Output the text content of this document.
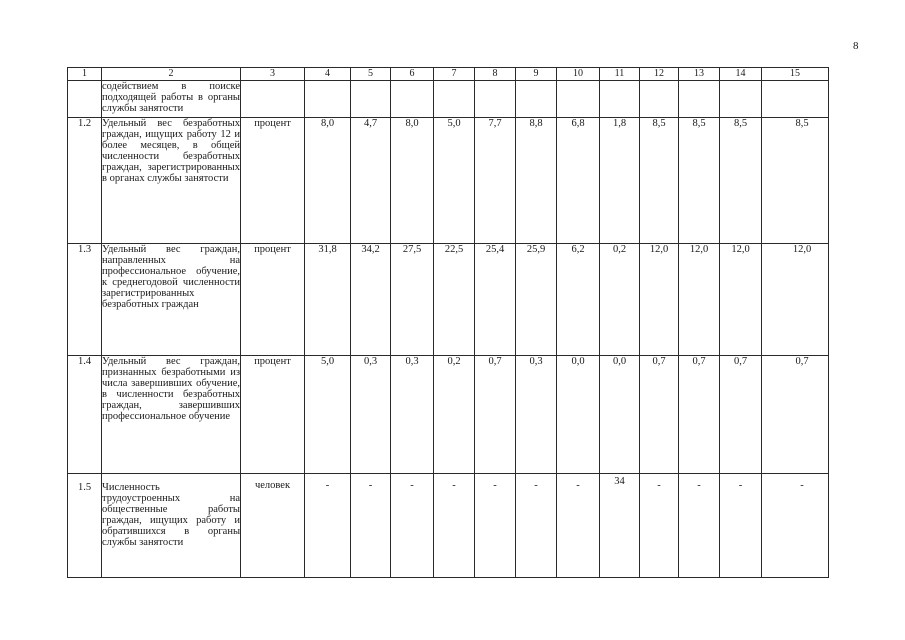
8
1	2	3	4	5	6	7	8	9	10	11	12	13	14	15
	содействием в поиске подходящей работы в органы службы занятости													
1.2	Удельный вес безработных граждан, ищущих работу 12 и более месяцев, в общей численности безработных граждан, зарегистрированных в органах службы занятости	процент	8,0	4,7	8,0	5,0	7,7	8,8	6,8	1,8	8,5	8,5	8,5	8,5
1.3	Удельный вес граждан, направленных на профессиональное обучение, к среднегодовой численности зарегистрированных безработных граждан	процент	31,8	34,2	27,5	22,5	25,4	25,9	6,2	0,2	12,0	12,0	12,0	12,0
1.4	Удельный вес граждан, признанных безработными из числа завершивших обучение, в численности безработных граждан, завершивших профессиональное обучение	процент	5,0	0,3	0,3	0,2	0,7	0,3	0,0	0,0	0,7	0,7	0,7	0,7
1.5	Численность трудоустроенных на общественные работы граждан, ищущих работу и обратившихся в органы службы занятости	человек	-	-	-	-	-	-	-	34	-	-	-	-
